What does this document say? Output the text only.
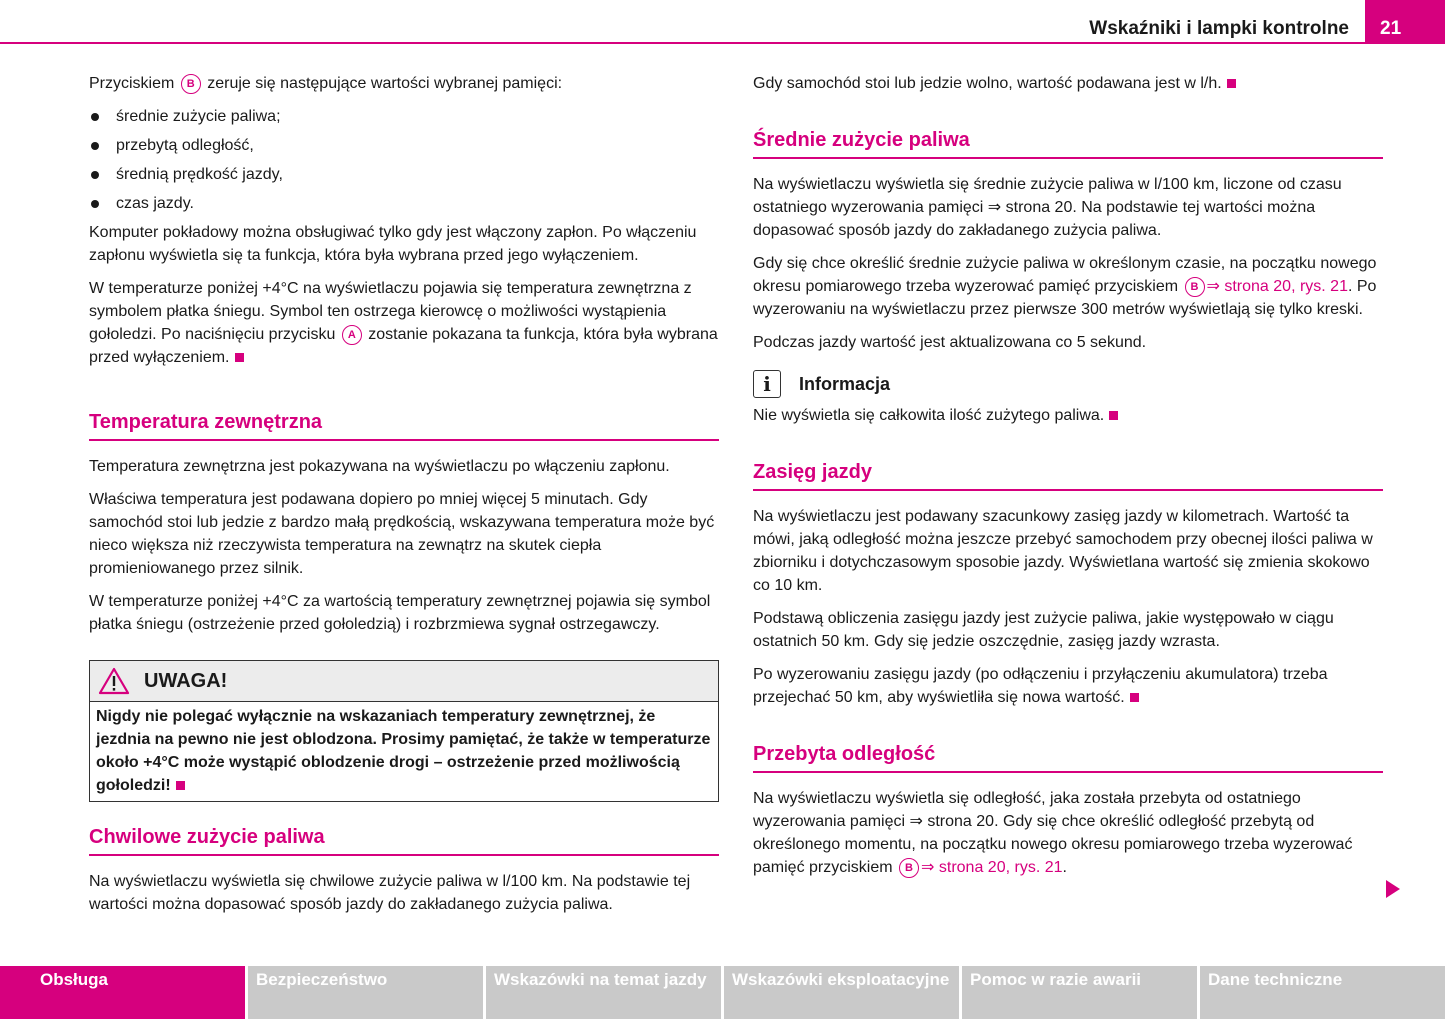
Wskaźniki i lampki kontrolne 21

Przyciskiem B zeruje się następujące wartości wybranej pamięci:

średnie zużycie paliwa;
przebytą odległość,
średnią prędkość jazdy,
czas jazdy.

Komputer pokładowy można obsługiwać tylko gdy jest włączony zapłon. Po włączeniu zapłonu wyświetla się ta funkcja, która była wybrana przed jego wyłączeniem.

W temperaturze poniżej +4°C na wyświetlaczu pojawia się temperatura zewnętrzna z symbolem płatka śniegu. Symbol ten ostrzega kierowcę o możliwości wystąpienia gołoledzi. Po naciśnięciu przycisku A zostanie pokazana ta funkcja, która była wybrana przed wyłączeniem.

Temperatura zewnętrzna

Temperatura zewnętrzna jest pokazywana na wyświetlaczu po włączeniu zapłonu.

Właściwa temperatura jest podawana dopiero po mniej więcej 5 minutach. Gdy samochód stoi lub jedzie z bardzo małą prędkością, wskazywana temperatura może być nieco większa niż rzeczywista temperatura na zewnątrz na skutek ciepła promieniowanego przez silnik.

W temperaturze poniżej +4°C za wartością temperatury zewnętrznej pojawia się symbol płatka śniegu (ostrzeżenie przed gołoledzią) i rozbrzmiewa sygnał ostrzegawczy.

UWAGA!
Nigdy nie polegać wyłącznie na wskazaniach temperatury zewnętrznej, że jezdnia na pewno nie jest oblodzona. Prosimy pamiętać, że także w temperaturze około +4°C może wystąpić oblodzenie drogi – ostrzeżenie przed możliwością gołoledzi!
Chwilowe zużycie paliwa

Na wyświetlaczu wyświetla się chwilowe zużycie paliwa w l/100 km. Na podstawie tej wartości można dopasować sposób jazdy do zakładanego zużycia paliwa.

Gdy samochód stoi lub jedzie wolno, wartość podawana jest w l/h.

Średnie zużycie paliwa

Na wyświetlaczu wyświetla się średnie zużycie paliwa w l/100 km, liczone od czasu ostatniego wyzerowania pamięci ⇒ strona 20. Na podstawie tej wartości można dopasować sposób jazdy do zakładanego zużycia paliwa.

Gdy się chce określić średnie zużycie paliwa w określonym czasie, na początku nowego okresu pomiarowego trzeba wyzerować pamięć przyciskiem B ⇒ strona 20, rys. 21. Po wyzerowaniu na wyświetlaczu przez pierwsze 300 metrów wyświetlają się tylko kreski.

Podczas jazdy wartość jest aktualizowana co 5 sekund.

i	Informacja

Nie wyświetla się całkowita ilość zużytego paliwa.

Zasięg jazdy

Na wyświetlaczu jest podawany szacunkowy zasięg jazdy w kilometrach. Wartość ta mówi, jaką odległość można jeszcze przebyć samochodem przy obecnej ilości paliwa w zbiorniku i dotychczasowym sposobie jazdy. Wyświetlana wartość się zmienia skokowo co 10 km.

Podstawą obliczenia zasięgu jazdy jest zużycie paliwa, jakie występowało w ciągu ostatnich 50 km. Gdy się jedzie oszczędnie, zasięg jazdy wzrasta.

Po wyzerowaniu zasięgu jazdy (po odłączeniu i przyłączeniu akumulatora) trzeba przejechać 50 km, aby wyświetliła się nowa wartość.

Przebyta odległość

Na wyświetlaczu wyświetla się odległość, jaka została przebyta od ostatniego wyzerowania pamięci ⇒ strona 20. Gdy się chce określić odległość przebytą od określonego momentu, na początku nowego okresu pomiarowego trzeba wyzerować pamięć przyciskiem B ⇒ strona 20, rys. 21.

Obsługa	Bezpieczeństwo	Wskazówki na temat jazdy	Wskazówki eksploatacyjne	Pomoc w razie awarii	Dane techniczne
